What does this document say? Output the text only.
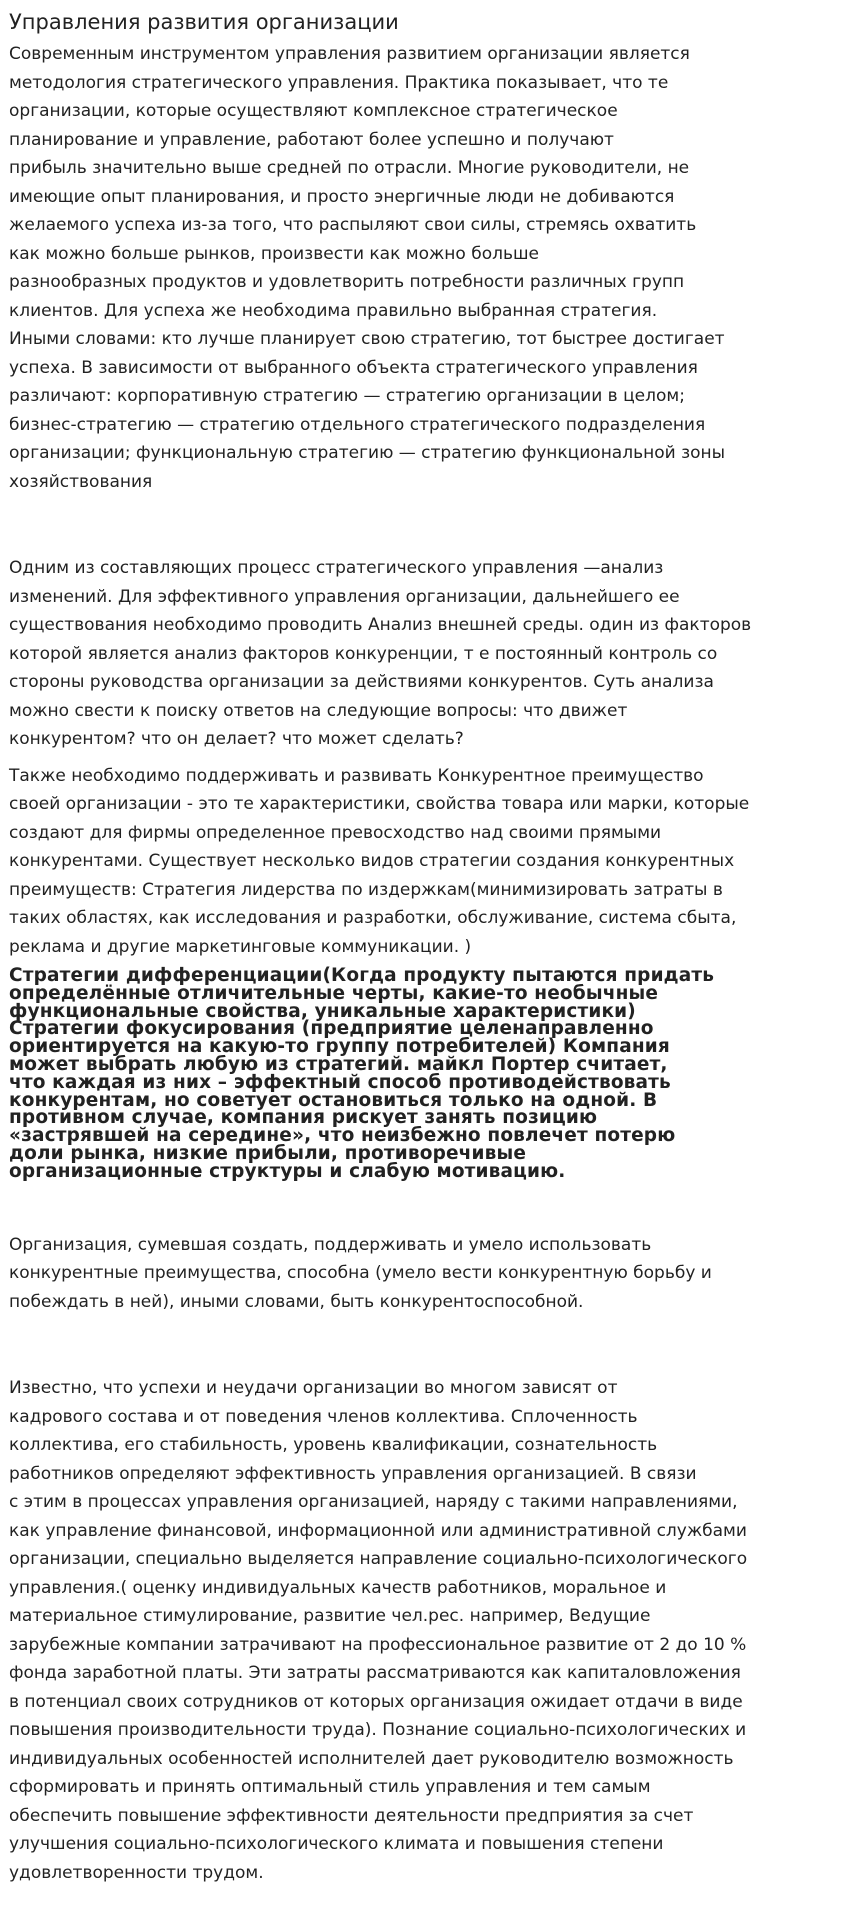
Управления развития организации

Современным инструментом управления развитием организации является
методология стратегического управления. Практика показывает, что те
организации, которые осуществляют комплексное стратегическое
планирование и управление, работают более успешно и получают
прибыль значительно выше средней по отрасли. Многие руководители, не
имеющие опыт планирования, и просто энергичные люди не добиваются
желаемого успеха из-за того, что распыляют свои силы, стремясь охватить
как можно больше рынков, произвести как можно больше
разнообразных продуктов и удовлетворить потребности различных групп
клиентов. Для успеха же необходима правильно выбранная стратегия.
Иными словами: кто лучше планирует свою стратегию, тот быстрее достигает
успеха. В зависимости от выбранного объекта стратегического управления
различают: корпоративную стратегию — стратегию организации в целом;
бизнес-стратегию — стратегию отдельного стратегического подразделения
организации; функциональную стратегию — стратегию функциональной зоны
хозяйствования

Одним из составляющих процесс стратегического управления —анализ
изменений. Для эффективного управления организации, дальнейшего ее
существования необходимо проводить Анализ внешней среды. один из факторов
которой является анализ факторов конкуренции, т е постоянный контроль со
стороны руководства организации за действиями конкурентов. Суть анализа
можно свести к поиску ответов на следующие вопросы: что движет
конкурентом? что он делает? что может сделать?

Также необходимо поддерживать и развивать Конкурентное преимущество
своей организации - это те характеристики, свойства товара или марки, которые
создают для фирмы определенное превосходство над своими прямыми
конкурентами. Существует несколько видов стратегии создания конкурентных
преимуществ: Стратегия лидерства по издержкам(минимизировать затраты в
таких областях, как исследования и разработки, обслуживание, система сбыта,
реклама и другие маркетинговые коммуникации. )

Стратегии дифференциации(Когда продукту пытаются придать
определённые отличительные черты, какие-то необычные
функциональные свойства, уникальные характеристики)
Стратегии фокусирования (предприятие целенаправленно
ориентируется на какую-то группу потребителей) Компания
может выбрать любую из стратегий. майкл Портер считает,
что каждая из них – эффектный способ противодействовать
конкурентам, но советует остановиться только на одной. В
противном случае, компания рискует занять позицию
«застрявшей на середине», что неизбежно повлечет потерю
доли рынка, низкие прибыли, противоречивые
организационные структуры и слабую мотивацию.

Организация, сумевшая создать, поддерживать и умело использовать
конкурентные преимущества, способна (умело вести конкурентную борьбу и
побеждать в ней), иными словами, быть конкурентоспособной.

Известно, что успехи и неудачи организации во многом зависят от
кадрового состава и от поведения членов коллектива. Сплоченность
коллектива, его стабильность, уровень квалификации, сознательность
работников определяют эффективность управления организацией. В связи
с этим в процессах управления организацией, наряду с такими направлениями,
как управление финансовой, информационной или административной службами
организации, специально выделяется направление социально-психологического
управления.( оценку индивидуальных качеств работников, моральное и
материальное стимулирование, развитие чел.рес. например, Ведущие
зарубежные компании затрачивают на профессиональное развитие от 2 до 10 %
фонда заработной платы. Эти затраты рассматриваются как капиталовложения
в потенциал своих сотрудников от которых организация ожидает отдачи в виде
повышения производительности труда). Познание социально-психологических и
индивидуальных особенностей исполнителей дает руководителю возможность
сформировать и принять оптимальный стиль управления и тем самым
обеспечить повышение эффективности деятельности предприятия за счет
улучшения социально-психологического климата и повышения степени
удовлетворенности трудом.
